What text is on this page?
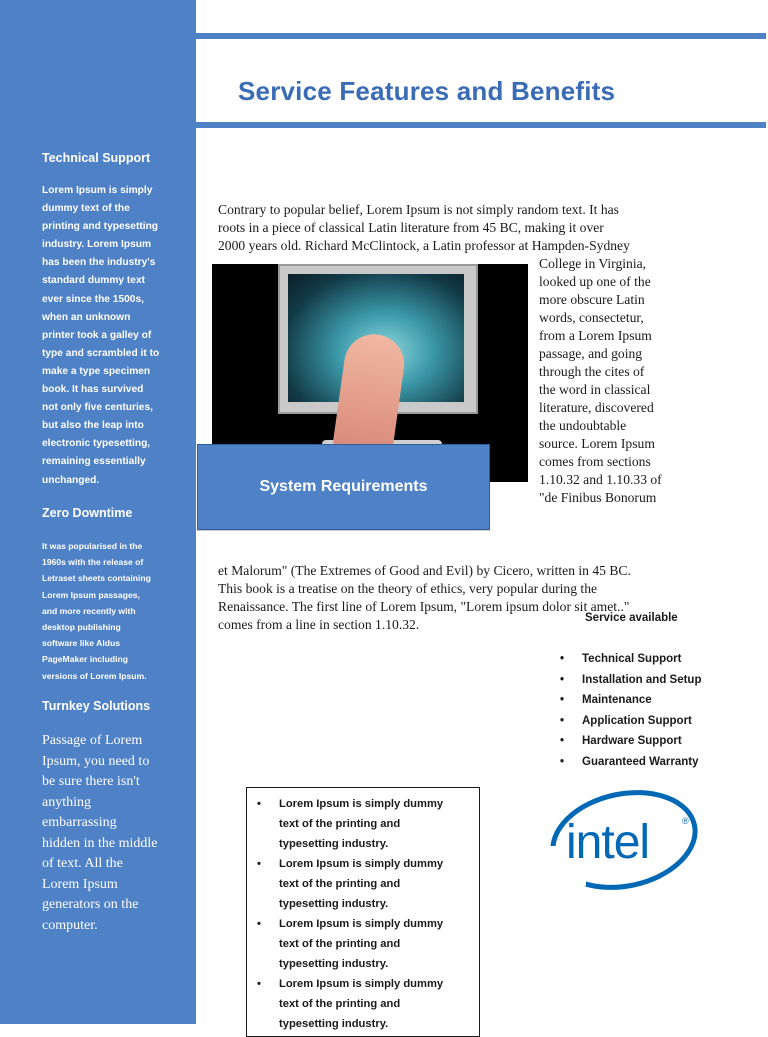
Technical Support
Lorem Ipsum is simply
dummy text of the
printing and typesetting
industry. Lorem Ipsum
has been the industry's
standard dummy text
ever since the 1500s,
when an unknown
printer took a galley of
type and scrambled it to
make a type specimen
book. It has survived
not only five centuries,
but also the leap into
electronic typesetting,
remaining essentially
unchanged.
Zero Downtime
It was popularised in the
1960s with the release of
Letraset sheets containing
Lorem Ipsum passages,
and more recently with
desktop publishing
software like Aldus
PageMaker including
versions of Lorem Ipsum.
Turnkey Solutions
Passage of Lorem
Ipsum, you need to
be sure there isn't
anything
embarrassing
hidden in the middle
of text. All the
Lorem Ipsum
generators on the
computer.
Service Features and Benefits
Contrary to popular belief, Lorem Ipsum is not simply random text. It has
roots in a piece of classical Latin literature from 45 BC, making it over
2000 years old. Richard McClintock, a Latin professor at Hampden-Sydney
College in Virginia,
looked up one of the
more obscure Latin
words, consectetur,
from a Lorem Ipsum
passage, and going
through the cites of
the word in classical
literature, discovered
the undoubtable
source. Lorem Ipsum
comes from sections
1.10.32 and 1.10.33 of
"de Finibus Bonorum
System Requirements
et Malorum" (The Extremes of Good and Evil) by Cicero, written in 45 BC.
This book is a treatise on the theory of ethics, very popular during the
Renaissance. The first line of Lorem Ipsum, "Lorem ipsum dolor sit amet.."
comes from a line in section 1.10.32.	Service available
• Technical Support
• Installation and Setup
• Maintenance
• Application Support
• Hardware Support
• Guaranteed Warranty
• Lorem Ipsum is simply dummy text of the printing and typesetting industry.
• Lorem Ipsum is simply dummy text of the printing and typesetting industry.
• Lorem Ipsum is simply dummy text of the printing and typesetting industry.
• Lorem Ipsum is simply dummy text of the printing and typesetting industry.
intel	®
